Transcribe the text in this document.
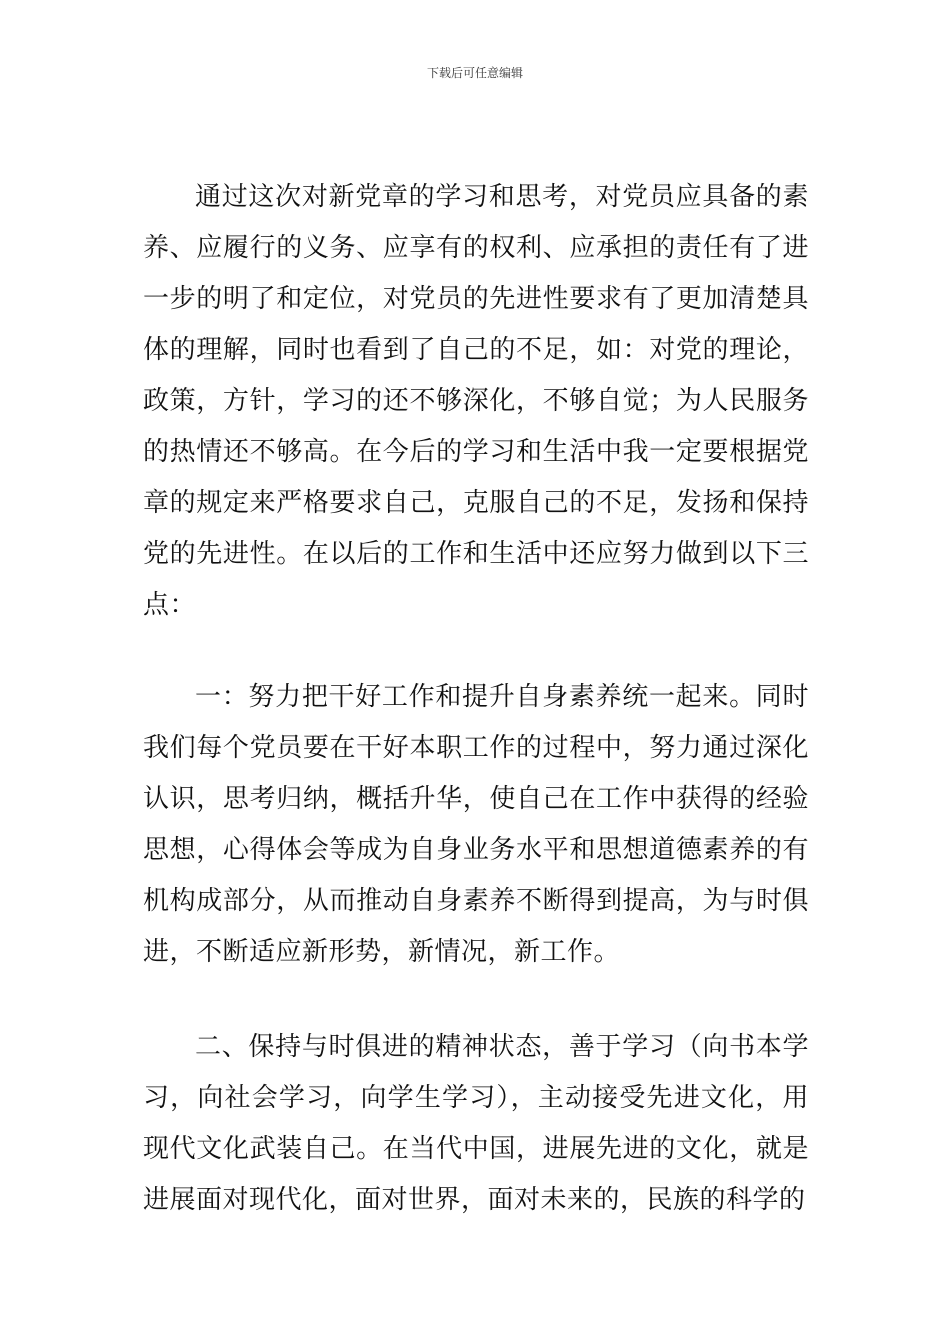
下载后可任意编辑

通过这次对新党章的学习和思考，对党员应具备的素养、应履行的义务、应享有的权利、应承担的责任有了进一步的明了和定位，对党员的先进性要求有了更加清楚具体的理解，同时也看到了自己的不足，如：对党的理论，政策，方针，学习的还不够深化，不够自觉；为人民服务的热情还不够高。在今后的学习和生活中我一定要根据党章的规定来严格要求自己，克服自己的不足，发扬和保持党的先进性。在以后的工作和生活中还应努力做到以下三点：

一：努力把干好工作和提升自身素养统一起来。同时我们每个党员要在干好本职工作的过程中，努力通过深化认识，思考归纳，概括升华，使自己在工作中获得的经验思想，心得体会等成为自身业务水平和思想道德素养的有机构成部分，从而推动自身素养不断得到提高，为与时俱进，不断适应新形势，新情况，新工作。

二、保持与时俱进的精神状态，善于学习（向书本学习，向社会学习，向学生学习），主动接受先进文化，用现代文化武装自己。在当代中国，进展先进的文化，就是进展面对现代化，面对世界，面对未来的，民族的科学的
